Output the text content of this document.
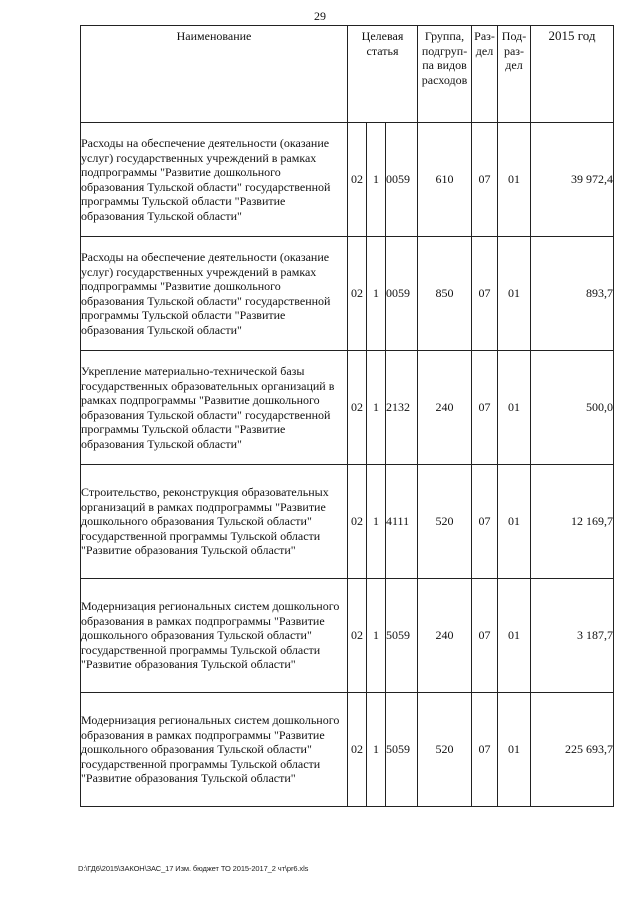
29
Наименование	Целевая статья			Группа, подгруп-па видов расходов	Раз-дел	Под-раз-дел	2015 год
Расходы на обеспечение деятельности (оказание услуг) государственных учреждений в рамках подпрограммы "Развитие дошкольного образования Тульской области" государственной программы Тульской области "Развитие образования Тульской области"	02	1	0059	610	07	01	39 972,4
Расходы на обеспечение деятельности (оказание услуг) государственных учреждений в рамках подпрограммы "Развитие дошкольного образования Тульской области" государственной программы Тульской области "Развитие образования Тульской области"	02	1	0059	850	07	01	893,7
Укрепление материально-технической базы государственных образовательных организаций в рамках подпрограммы "Развитие дошкольного образования Тульской области" государственной программы Тульской области "Развитие образования Тульской области"	02	1	2132	240	07	01	500,0
Строительство, реконструкция образовательных организаций в рамках подпрограммы "Развитие дошкольного образования Тульской области" государственной программы Тульской области "Развитие образования Тульской области"	02	1	4111	520	07	01	12 169,7
Модернизация региональных систем дошкольного образования в рамках подпрограммы "Развитие дошкольного образования Тульской области" государственной программы Тульской области "Развитие образования Тульской области"	02	1	5059	240	07	01	3 187,7
Модернизация региональных систем дошкольного образования в рамках подпрограммы "Развитие дошкольного образования Тульской области" государственной программы Тульской области "Развитие образования Тульской области"	02	1	5059	520	07	01	225 693,7
D:\ГД6\2015\ЗАКОН\ЗАС_17 Изм. бюджет ТО 2015-2017_2 чт\pr6.xls
